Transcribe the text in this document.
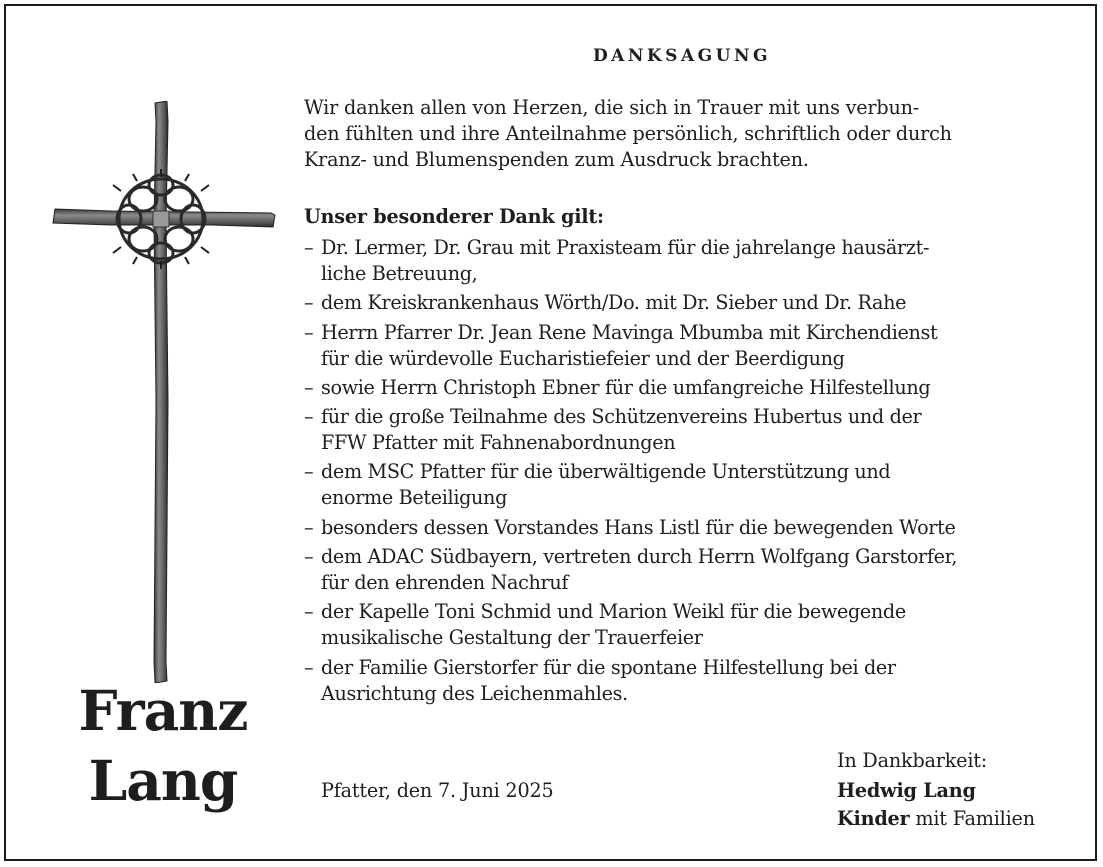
Franz
Lang
DANKSAGUNG
Wir danken allen von Herzen, die sich in Trauer mit uns verbun-
den fühlten und ihre Anteilnahme persönlich, schriftlich oder durch
Kranz- und Blumenspenden zum Ausdruck brachten.
Unser besonderer Dank gilt:
– Dr. Lermer, Dr. Grau mit Praxisteam für die jahrelange hausärzt-
liche Betreuung,
– dem Kreiskrankenhaus Wörth/Do. mit Dr. Sieber und Dr. Rahe
– Herrn Pfarrer Dr. Jean Rene Mavinga Mbumba mit Kirchendienst
für die würdevolle Eucharistiefeier und der Beerdigung
– sowie Herrn Christoph Ebner für die umfangreiche Hilfestellung
– für die große Teilnahme des Schützenvereins Hubertus und der
FFW Pfatter mit Fahnenabordnungen
– dem MSC Pfatter für die überwältigende Unterstützung und
enorme Beteiligung
– besonders dessen Vorstandes Hans Listl für die bewegenden Worte
– dem ADAC Südbayern, vertreten durch Herrn Wolfgang Garstorfer,
für den ehrenden Nachruf
– der Kapelle Toni Schmid und Marion Weikl für die bewegende
musikalische Gestaltung der Trauerfeier
– der Familie Gierstorfer für die spontane Hilfestellung bei der
Ausrichtung des Leichenmahles.
Pfatter, den 7. Juni 2025
In Dankbarkeit:
Hedwig Lang
Kinder mit Familien
